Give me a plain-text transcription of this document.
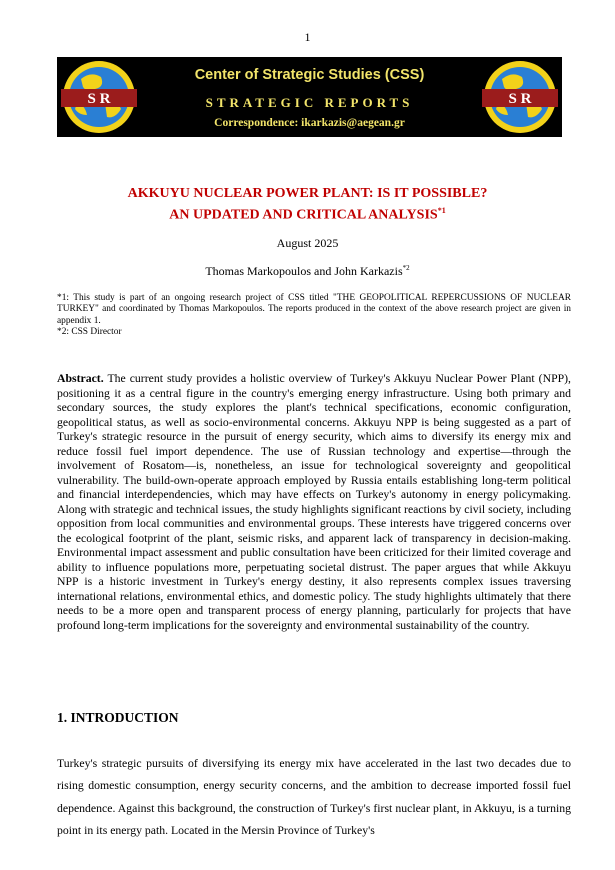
1
S R
Center of Strategic Studies (CSS)
STRATEGIC REPORTS
Correspondence: ikarkazis@aegean.gr
S R
AKKUYU NUCLEAR POWER PLANT: IS IT POSSIBLE?
AN UPDATED AND CRITICAL ANALYSIS$^{*1}$
August 2025
Thomas Markopoulos and John Karkazis$^{*2}$

*1: This study is part of an ongoing research project of CSS titled "THE GEOPOLITICAL REPERCUSSIONS OF NUCLEAR TURKEY" and coordinated by Thomas Markopoulos. The reports produced in the context of the above research project are given in appendix 1.

*2: CSS Director

Abstract. The current study provides a holistic overview of Turkey's Akkuyu Nuclear Power Plant (NPP), positioning it as a central figure in the country's emerging energy infrastructure. Using both primary and secondary sources, the study explores the plant's technical specifications, economic configuration, geopolitical status, as well as socio-environmental concerns. Akkuyu NPP is being suggested as a part of Turkey's strategic resource in the pursuit of energy security, which aims to diversify its energy mix and reduce fossil fuel import dependence. The use of Russian technology and expertise—through the involvement of Rosatom—is, nonetheless, an issue for technological sovereignty and geopolitical vulnerability. The build-own-operate approach employed by Russia entails establishing long-term political and financial interdependencies, which may have effects on Turkey's autonomy in energy policymaking. Along with strategic and technical issues, the study highlights significant reactions by civil society, including opposition from local communities and environmental groups. These interests have triggered concerns over the ecological footprint of the plant, seismic risks, and apparent lack of transparency in decision-making. Environmental impact assessment and public consultation have been criticized for their limited coverage and ability to influence populations more, perpetuating societal distrust. The paper argues that while Akkuyu NPP is a historic investment in Turkey's energy destiny, it also represents complex issues traversing international relations, environmental ethics, and domestic policy. The study highlights ultimately that there needs to be a more open and transparent process of energy planning, particularly for projects that have profound long-term implications for the sovereignty and environmental sustainability of the country.

1. INTRODUCTION

Turkey's strategic pursuits of diversifying its energy mix have accelerated in the last two decades due to rising domestic consumption, energy security concerns, and the ambition to decrease imported fossil fuel dependence. Against this background, the construction of Turkey's first nuclear plant, in Akkuyu, is a turning point in its energy path. Located in the Mersin Province of Turkey's
